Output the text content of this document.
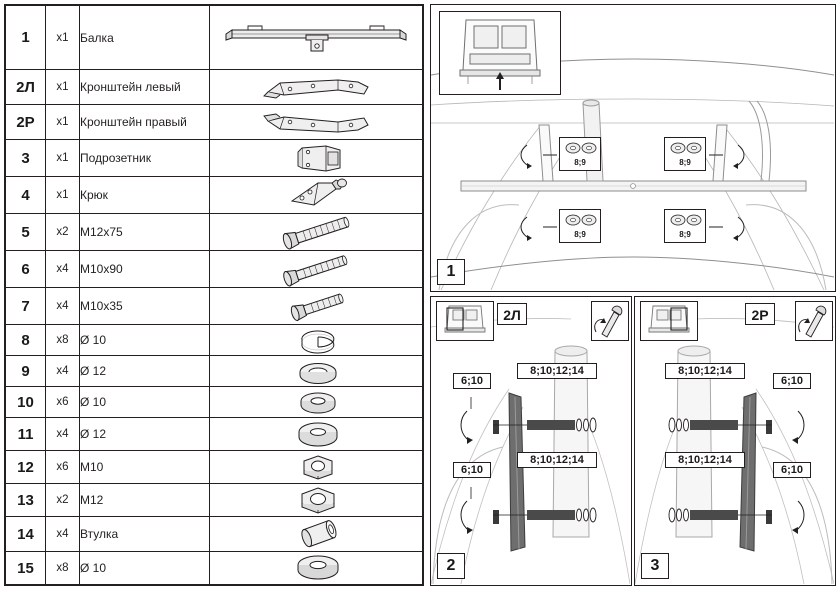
1	x1	Балка	

2Л	x1	Кронштейн левый	

2Р	x1	Кронштейн правый	

3	x1	Подрозетник	

4	x1	Крюк	

5	x2	M12x75	

6	x4	M10x90	

7	x4	M10x35	

8	x8	Ø 10	

9	x4	Ø 12	

10	x6	Ø 10	

11	x4	Ø 12	

12	x6	M10	

13	x2	M12	

14	x4	Втулка	

15	x8	Ø 10	
8;9	8;9
8;9	8;9
1
2Л
6;10
8;10;12;14
6;10
8;10;12;14
2
2Р
8;10;12;14
6;10
8;10;12;14
6;10
3
